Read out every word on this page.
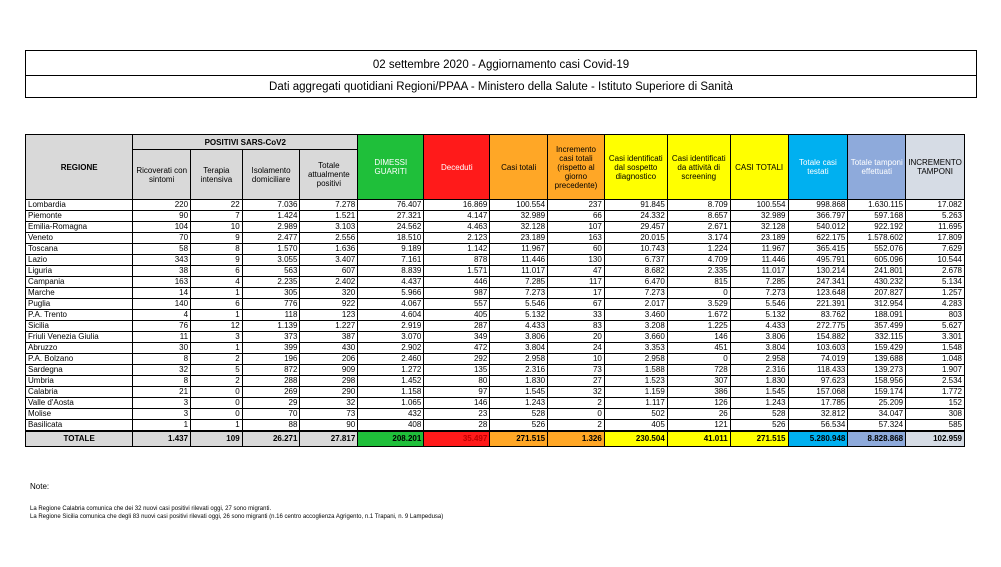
02 settembre 2020 - Aggiornamento casi Covid-19
Dati aggregati quotidiani Regioni/PPAA - Ministero della Salute - Istituto Superiore di Sanità
REGIONE	POSITIVI SARS-CoV2				DIMESSI GUARITI	Deceduti	Casi totali	Incremento casi totali (rispetto al giorno precedente)	Casi identificati dal sospetto diagnostico	Casi identificati da attività di screening	CASI TOTALI	Totale casi testati	Totale tamponi effettuati	INCREMENTO TAMPONI
	Ricoverati con sintomi	Terapia intensiva	Isolamento domiciliare	Totale attualmente positivi										
Lombardia	220	22	7.036	7.278	76.407	16.869	100.554	237	91.845	8.709	100.554	998.868	1.630.115	17.082
Piemonte	90	7	1.424	1.521	27.321	4.147	32.989	66	24.332	8.657	32.989	366.797	597.168	5.263
Emilia-Romagna	104	10	2.989	3.103	24.562	4.463	32.128	107	29.457	2.671	32.128	540.012	922.192	11.695
Veneto	70	9	2.477	2.556	18.510	2.123	23.189	163	20.015	3.174	23.189	622.175	1.578.602	17.809
Toscana	58	8	1.570	1.636	9.189	1.142	11.967	60	10.743	1.224	11.967	365.415	552.076	7.629
Lazio	343	9	3.055	3.407	7.161	878	11.446	130	6.737	4.709	11.446	495.791	605.096	10.544
Liguria	38	6	563	607	8.839	1.571	11.017	47	8.682	2.335	11.017	130.214	241.801	2.678
Campania	163	4	2.235	2.402	4.437	446	7.285	117	6.470	815	7.285	247.341	430.232	5.134
Marche	14	1	305	320	5.966	987	7.273	17	7.273	0	7.273	123.648	207.827	1.257
Puglia	140	6	776	922	4.067	557	5.546	67	2.017	3.529	5.546	221.391	312.954	4.283
P.A. Trento	4	1	118	123	4.604	405	5.132	33	3.460	1.672	5.132	83.762	188.091	803
Sicilia	76	12	1.139	1.227	2.919	287	4.433	83	3.208	1.225	4.433	272.775	357.499	5.627
Friuli Venezia Giulia	11	3	373	387	3.070	349	3.806	20	3.660	146	3.806	154.882	332.115	3.301
Abruzzo	30	1	399	430	2.902	472	3.804	24	3.353	451	3.804	103.603	159.429	1.548
P.A. Bolzano	8	2	196	206	2.460	292	2.958	10	2.958	0	2.958	74.019	139.688	1.048
Sardegna	32	5	872	909	1.272	135	2.316	73	1.588	728	2.316	118.433	139.273	1.907
Umbria	8	2	288	298	1.452	80	1.830	27	1.523	307	1.830	97.623	158.956	2.534
Calabria	21	0	269	290	1.158	97	1.545	32	1.159	386	1.545	157.068	159.174	1.772
Valle d'Aosta	3	0	29	32	1.065	146	1.243	2	1.117	126	1.243	17.785	25.209	152
Molise	3	0	70	73	432	23	528	0	502	26	528	32.812	34.047	308
Basilicata	1	1	88	90	408	28	526	2	405	121	526	56.534	57.324	585
TOTALE	1.437	109	26.271	27.817	208.201	35.497	271.515	1.326	230.504	41.011	271.515	5.280.948	8.828.868	102.959
Note:
La Regione Calabria comunica che dei 32 nuovi casi positivi rilevati oggi, 27 sono migranti.
La Regione Sicilia comunica che degli 83 nuovi casi positivi rilevati oggi, 26 sono migranti (n.16 centro accoglienza Agrigento, n.1 Trapani, n. 9 Lampedusa)
